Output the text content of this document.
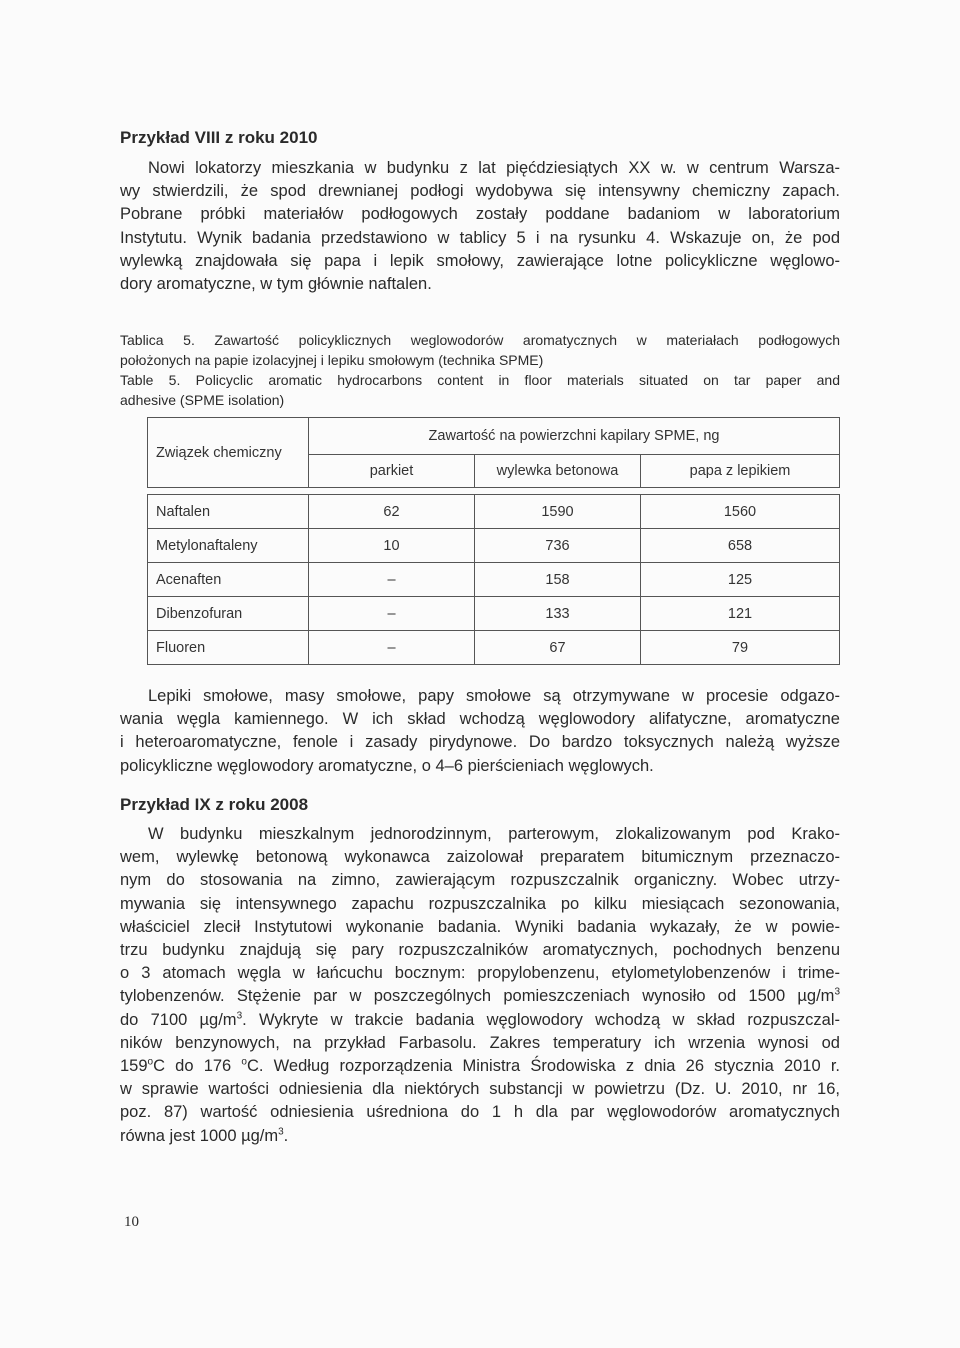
Przykład VIII z roku 2010

Nowi lokatorzy mieszkania w budynku z lat pięćdziesiątych XX w. w centrum Warsza-
wy stwierdzili, że spod drewnianej podłogi wydobywa się intensywny chemiczny zapach.
Pobrane próbki materiałów podłogowych zostały poddane badaniom w laboratorium
Instytutu. Wynik badania przedstawiono w tablicy 5 i na rysunku 4. Wskazuje on, że pod
wylewką znajdowała się papa i lepik smołowy, zawierające lotne policykliczne węglowo-
dory aromatyczne, w tym głównie naftalen.

Tablica 5. Zawartość policyklicznych weglowodorów aromatycznych w materiałach podłogowych
położonych na papie izolacyjnej i lepiku smołowym (technika SPME)
Table 5. Policyclic aromatic hydrocarbons content in floor materials situated on tar paper and
adhesive (SPME isolation)

Związek chemiczny	Zawartość na powierzchni kapilary SPME, ng		
	parkiet	wylewka betonowa	papa z lepikiem

Naftalen	62	1590	1560
Metylonaftaleny	10	736	658
Acenaften	–	158	125
Dibenzofuran	–	133	121
Fluoren	–	67	79

Lepiki smołowe, masy smołowe, papy smołowe są otrzymywane w procesie odgazo-
wania węgla kamiennego. W ich skład wchodzą węglowodory alifatyczne, aromatyczne
i heteroaromatyczne, fenole i zasady pirydynowe. Do bardzo toksycznych należą wyższe
policykliczne węglowodory aromatyczne, o 4–6 pierścieniach węglowych.

Przykład IX z roku 2008

W budynku mieszkalnym jednorodzinnym, parterowym, zlokalizowanym pod Krako-
wem, wylewkę betonową wykonawca zaizolował preparatem bitumicznym przeznaczo-
nym do stosowania na zimno, zawierającym rozpuszczalnik organiczny. Wobec utrzy-
mywania się intensywnego zapachu rozpuszczalnika po kilku miesiącach sezonowania,
właściciel zlecił Instytutowi wykonanie badania. Wyniki badania wykazały, że w powie-
trzu budynku znajdują się pary rozpuszczalników aromatycznych, pochodnych benzenu
o 3 atomach węgla w łańcuchu bocznym: propylobenzenu, etylometylobenzenów i trime-
tylobenzenów. Stężenie par w poszczególnych pomieszczeniach wynosiło od 1500 $\mu g/m^3$
do 7100 $\mu g/m^3$. Wykryte w trakcie badania węglowodory wchodzą w skład rozpuszczal-
ników benzynowych, na przykład Farbasolu. Zakres temperatury ich wrzenia wynosi od
159$^o$C do 176 $^o$C. Według rozporządzenia Ministra Środowiska z dnia 26 stycznia 2010 r.
w sprawie wartości odniesienia dla niektórych substancji w powietrzu (Dz. U. 2010, nr 16,
poz. 87) wartość odniesienia uśredniona do 1 h dla par węglowodorów aromatycznych
równa jest 1000 $\mu g/m^3$.

10
